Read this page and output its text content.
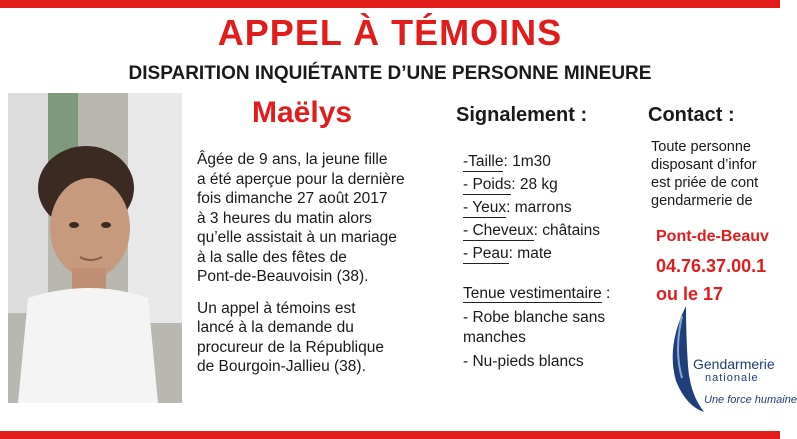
APPEL À TÉMOINS
DISPARITION INQUIÉTANTE D’UNE PERSONNE MINEURE
Maëlys

Âgée de 9 ans, la jeune fille
a été aperçue pour la dernière
fois dimanche 27 août 2017
à 3 heures du matin alors
qu’elle assistait à un mariage
à la salle des fêtes de
Pont-de-Beauvoisin (38).

Un appel à témoins est
lancé à la demande du
procureur de la République
de Bourgoin-Jallieu (38).

Signalement :
-Taille: 1m30
- Poids: 28 kg
- Yeux: marrons
- Cheveux: châtains
- Peau: mate
Tenue vestimentaire :
- Robe blanche sans manches
- Nu-pieds blancs
Contact :
Toute personne
disposant d’infor
est priée de cont
gendarmerie de
Pont-de-Beauv
04.76.37.00.1
ou le 17
Gendarmerie
nationale
Une force humaine
